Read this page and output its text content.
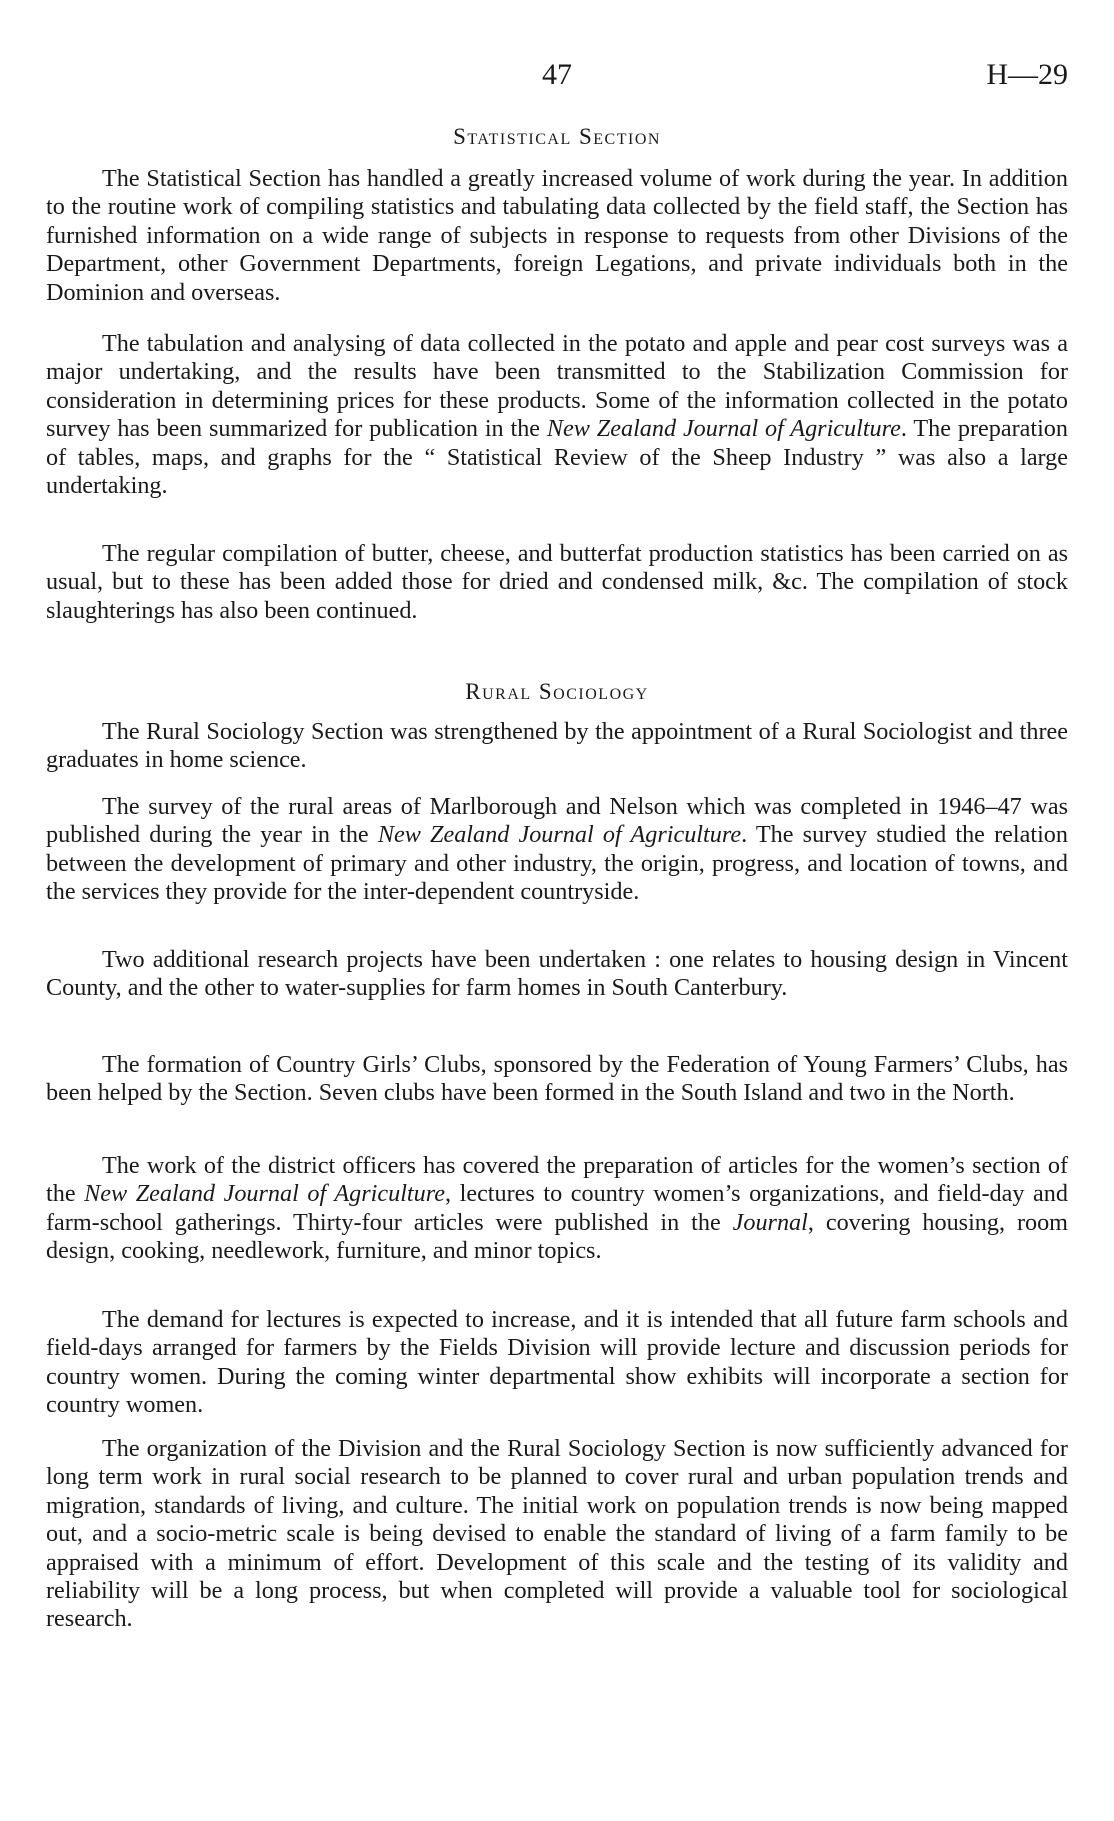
47	H—29
Statistical Section

The Statistical Section has handled a greatly increased volume of work during the year. In addition to the routine work of compiling statistics and tabulating data collected by the field staff, the Section has furnished information on a wide range of subjects in response to requests from other Divisions of the Department, other Government Departments, foreign Legations, and private individuals both in the Dominion and overseas.

The tabulation and analysing of data collected in the potato and apple and pear cost surveys was a major undertaking, and the results have been transmitted to the Stabilization Commission for consideration in determining prices for these products. Some of the information collected in the potato survey has been summarized for publication in the New Zealand Journal of Agriculture. The preparation of tables, maps, and graphs for the “ Statistical Review of the Sheep Industry ” was also a large undertaking.

The regular compilation of butter, cheese, and butterfat production statistics has been carried on as usual, but to these has been added those for dried and condensed milk, &c. The compilation of stock slaughterings has also been continued.

Rural Sociology

The Rural Sociology Section was strengthened by the appointment of a Rural Sociologist and three graduates in home science.

The survey of the rural areas of Marlborough and Nelson which was completed in 1946–47 was published during the year in the New Zealand Journal of Agriculture. The survey studied the relation between the development of primary and other industry, the origin, progress, and location of towns, and the services they provide for the inter-dependent countryside.

Two additional research projects have been undertaken : one relates to housing design in Vincent County, and the other to water-supplies for farm homes in South Canterbury.

The formation of Country Girls’ Clubs, sponsored by the Federation of Young Farmers’ Clubs, has been helped by the Section. Seven clubs have been formed in the South Island and two in the North.

The work of the district officers has covered the preparation of articles for the women’s section of the New Zealand Journal of Agriculture, lectures to country women’s organizations, and field-day and farm-school gatherings. Thirty-four articles were published in the Journal, covering housing, room design, cooking, needlework, furniture, and minor topics.

The demand for lectures is expected to increase, and it is intended that all future farm schools and field-days arranged for farmers by the Fields Division will provide lecture and discussion periods for country women. During the coming winter departmental show exhibits will incorporate a section for country women.

The organization of the Division and the Rural Sociology Section is now sufficiently advanced for long term work in rural social research to be planned to cover rural and urban population trends and migration, standards of living, and culture. The initial work on population trends is now being mapped out, and a socio-metric scale is being devised to enable the standard of living of a farm family to be appraised with a minimum of effort. Development of this scale and the testing of its validity and reliability will be a long process, but when completed will provide a valuable tool for sociological research.
